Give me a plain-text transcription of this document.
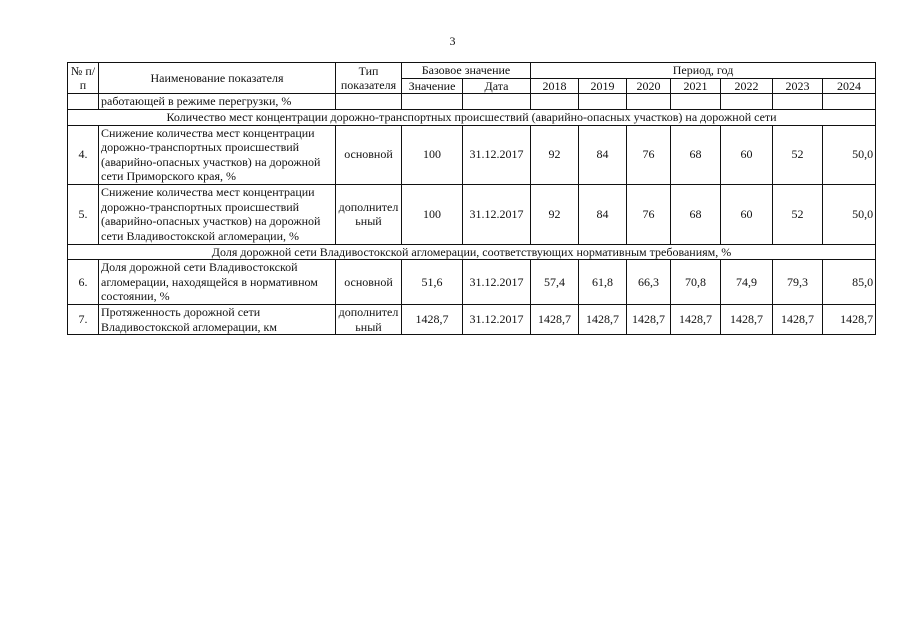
3
№ п/п	Наименование показателя	Тип показателя	Базовое значение		Период, год						
			Значение	Дата	2018	2019	2020	2021	2022	2023	2024
	работающей в режиме перегрузки, %										
Количество мест концентрации дорожно-транспортных происшествий (аварийно-опасных участков) на дорожной сети											
4.	Снижение количества мест концентрации дорожно-транспортных происшествий (аварийно-опасных участков) на дорожной сети Приморского края, %	основной	100	31.12.2017	92	84	76	68	60	52	50,0
5.	Снижение количества мест концентрации дорожно-транспортных происшествий (аварийно-опасных участков) на дорожной сети Владивостокской агломерации, %	дополнительный	100	31.12.2017	92	84	76	68	60	52	50,0
Доля дорожной сети Владивостокской агломерации, соответствующих нормативным требованиям, %											
6.	Доля дорожной сети Владивостокской агломерации, находящейся в нормативном состоянии, %	основной	51,6	31.12.2017	57,4	61,8	66,3	70,8	74,9	79,3	85,0
7.	Протяженность дорожной сети Владивостокской агломерации, км	дополнительный	1428,7	31.12.2017	1428,7	1428,7	1428,7	1428,7	1428,7	1428,7	1428,7
